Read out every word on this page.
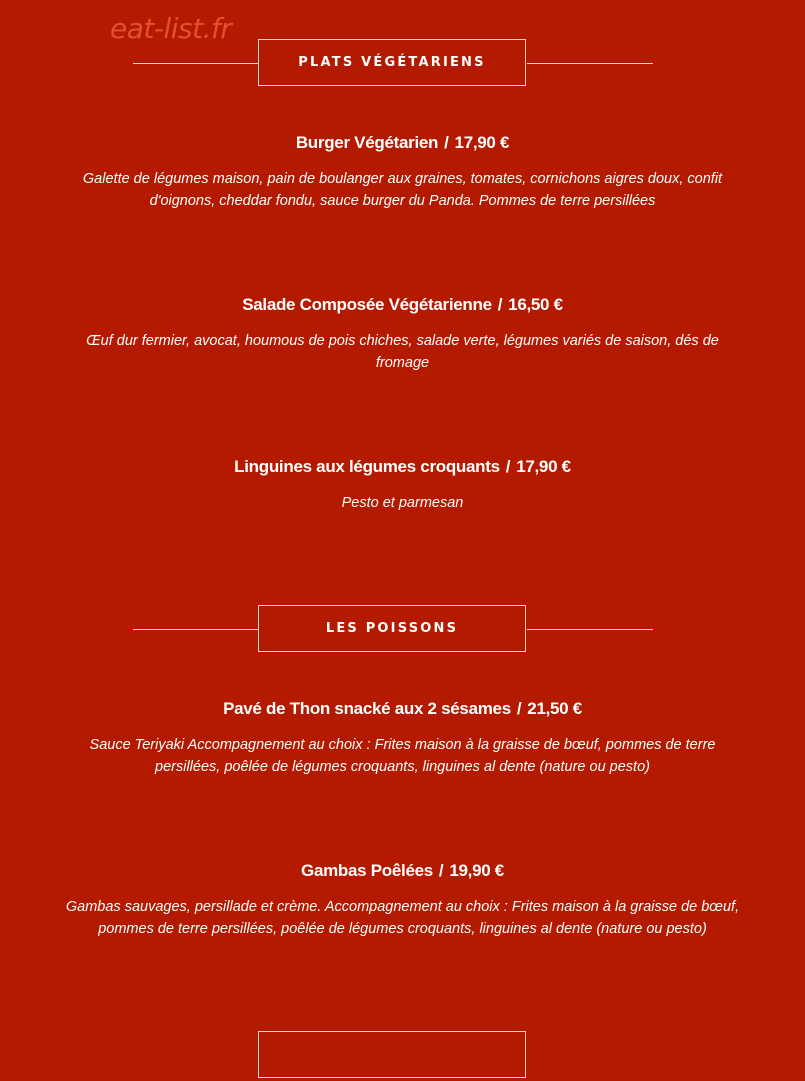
eat-list.fr
PLATS VÉGÉTARIENS
Burger Végétarien / 17,90 €
Galette de légumes maison, pain de boulanger aux graines, tomates, cornichons aigres doux, confit
d'oignons, cheddar fondu, sauce burger du Panda. Pommes de terre persillées
Salade Composée Végétarienne / 16,50 €
Œuf dur fermier, avocat, houmous de pois chiches, salade verte, légumes variés de saison, dés de
fromage
Linguines aux légumes croquants / 17,90 €
Pesto et parmesan
LES POISSONS
Pavé de Thon snacké aux 2 sésames / 21,50 €
Sauce Teriyaki Accompagnement au choix : Frites maison à la graisse de bœuf, pommes de terre
persillées, poêlée de légumes croquants, linguines al dente (nature ou pesto)
Gambas Poêlées / 19,90 €
Gambas sauvages, persillade et crème. Accompagnement au choix : Frites maison à la graisse de bœuf,
pommes de terre persillées, poêlée de légumes croquants, linguines al dente (nature ou pesto)
